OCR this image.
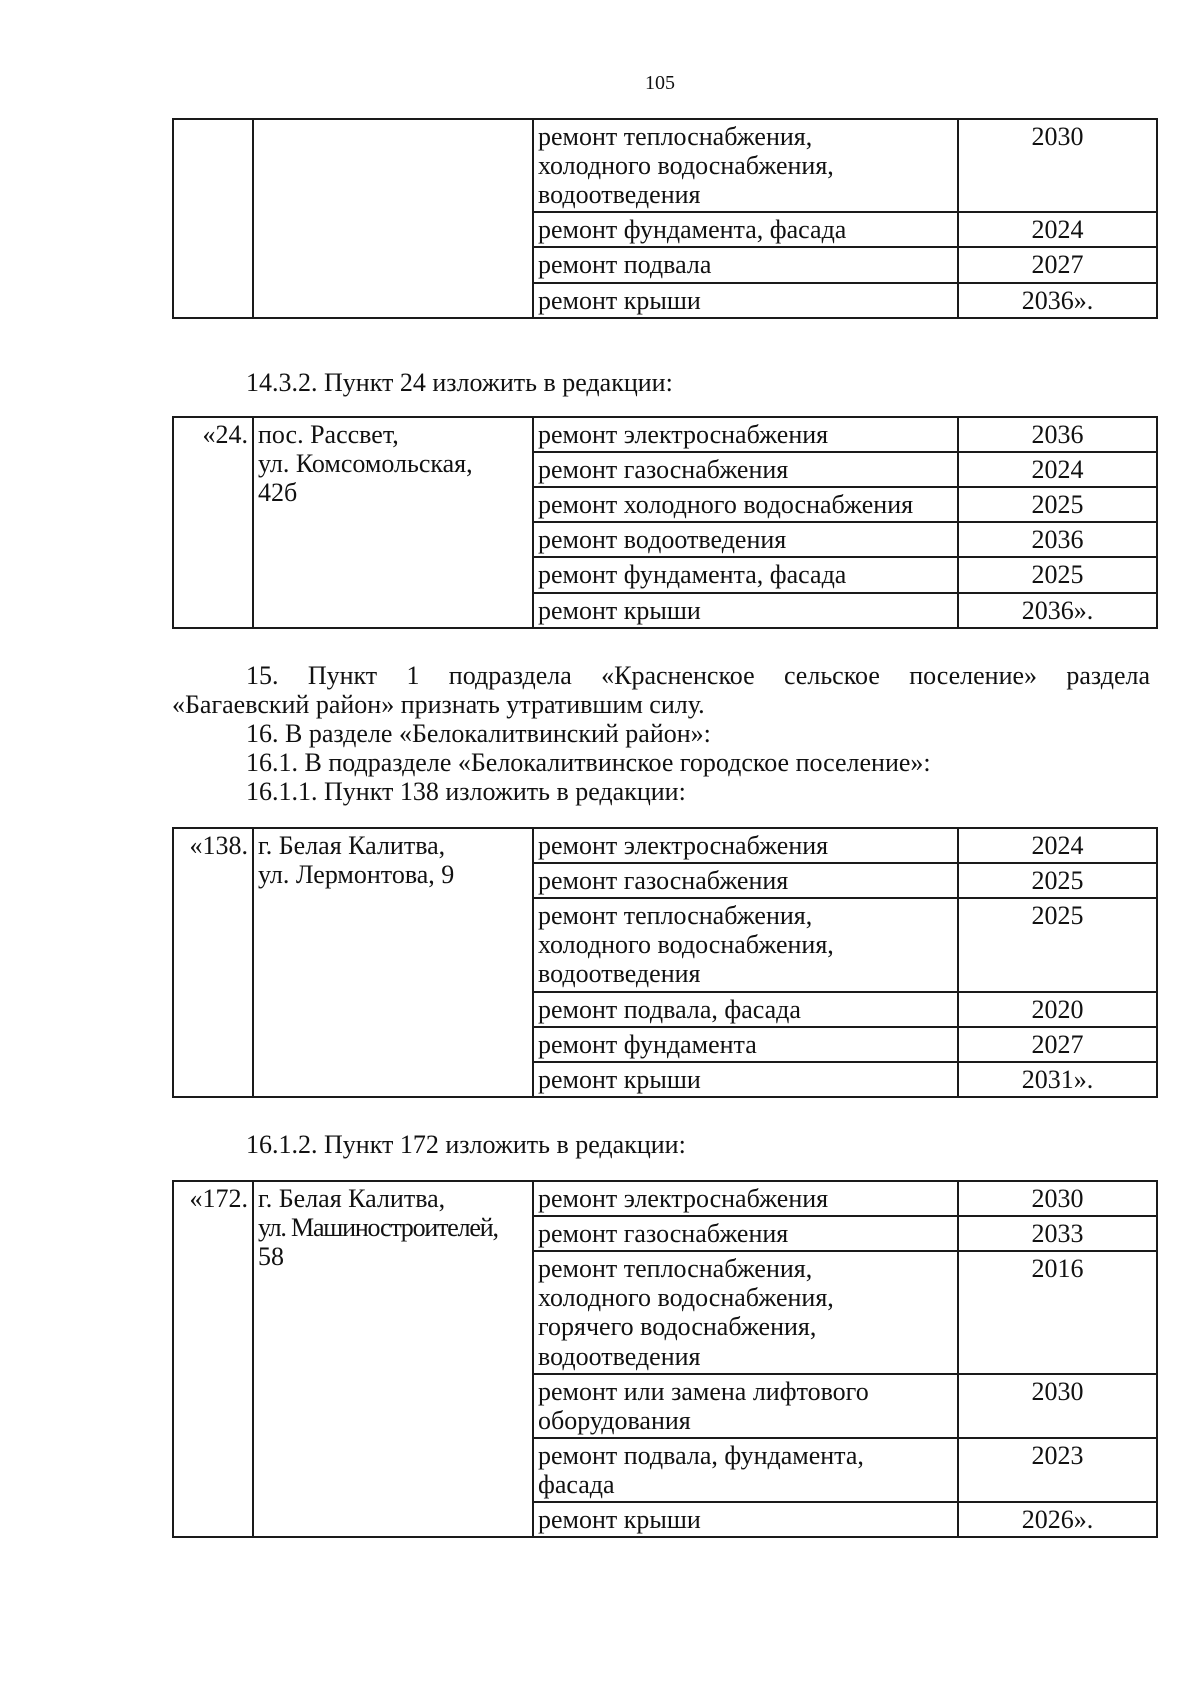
105

		ремонт теплоснабжения,
холодного водоснабжения,
водоотведения	2030

		ремонт фундамента, фасада	2024

		ремонт подвала	2027

		ремонт крыши	2036».
14.3.2. Пункт 24 изложить в редакции:
«24.	пос. Рассвет,
ул. Комсомольская,
42б	ремонт электроснабжения	2036

		ремонт газоснабжения	2024

		ремонт холодного водоснабжения	2025

		ремонт водоотведения	2036

		ремонт фундамента, фасада	2025

		ремонт крыши	2036».
15. Пункт 1 подраздела «Красненское сельское поселение» раздела
«Багаевский район» признать утратившим силу.
16. В разделе «Белокалитвинский район»:
16.1. В подразделе «Белокалитвинское городское поселение»:
16.1.1. Пункт 138 изложить в редакции:
«138.	г. Белая Калитва,
ул. Лермонтова, 9	ремонт электроснабжения	2024

		ремонт газоснабжения	2025

		ремонт теплоснабжения,
холодного водоснабжения,
водоотведения	2025

		ремонт подвала, фасада	2020

		ремонт фундамента	2027

		ремонт крыши	2031».
16.1.2. Пункт 172 изложить в редакции:
«172.	г. Белая Калитва,
ул. Машиностроителей,
58	ремонт электроснабжения	2030

		ремонт газоснабжения	2033

		ремонт теплоснабжения,
холодного водоснабжения,
горячего водоснабжения,
водоотведения	2016

		ремонт или замена лифтового
оборудования	2030

		ремонт подвала, фундамента,
фасада	2023

		ремонт крыши	2026».
